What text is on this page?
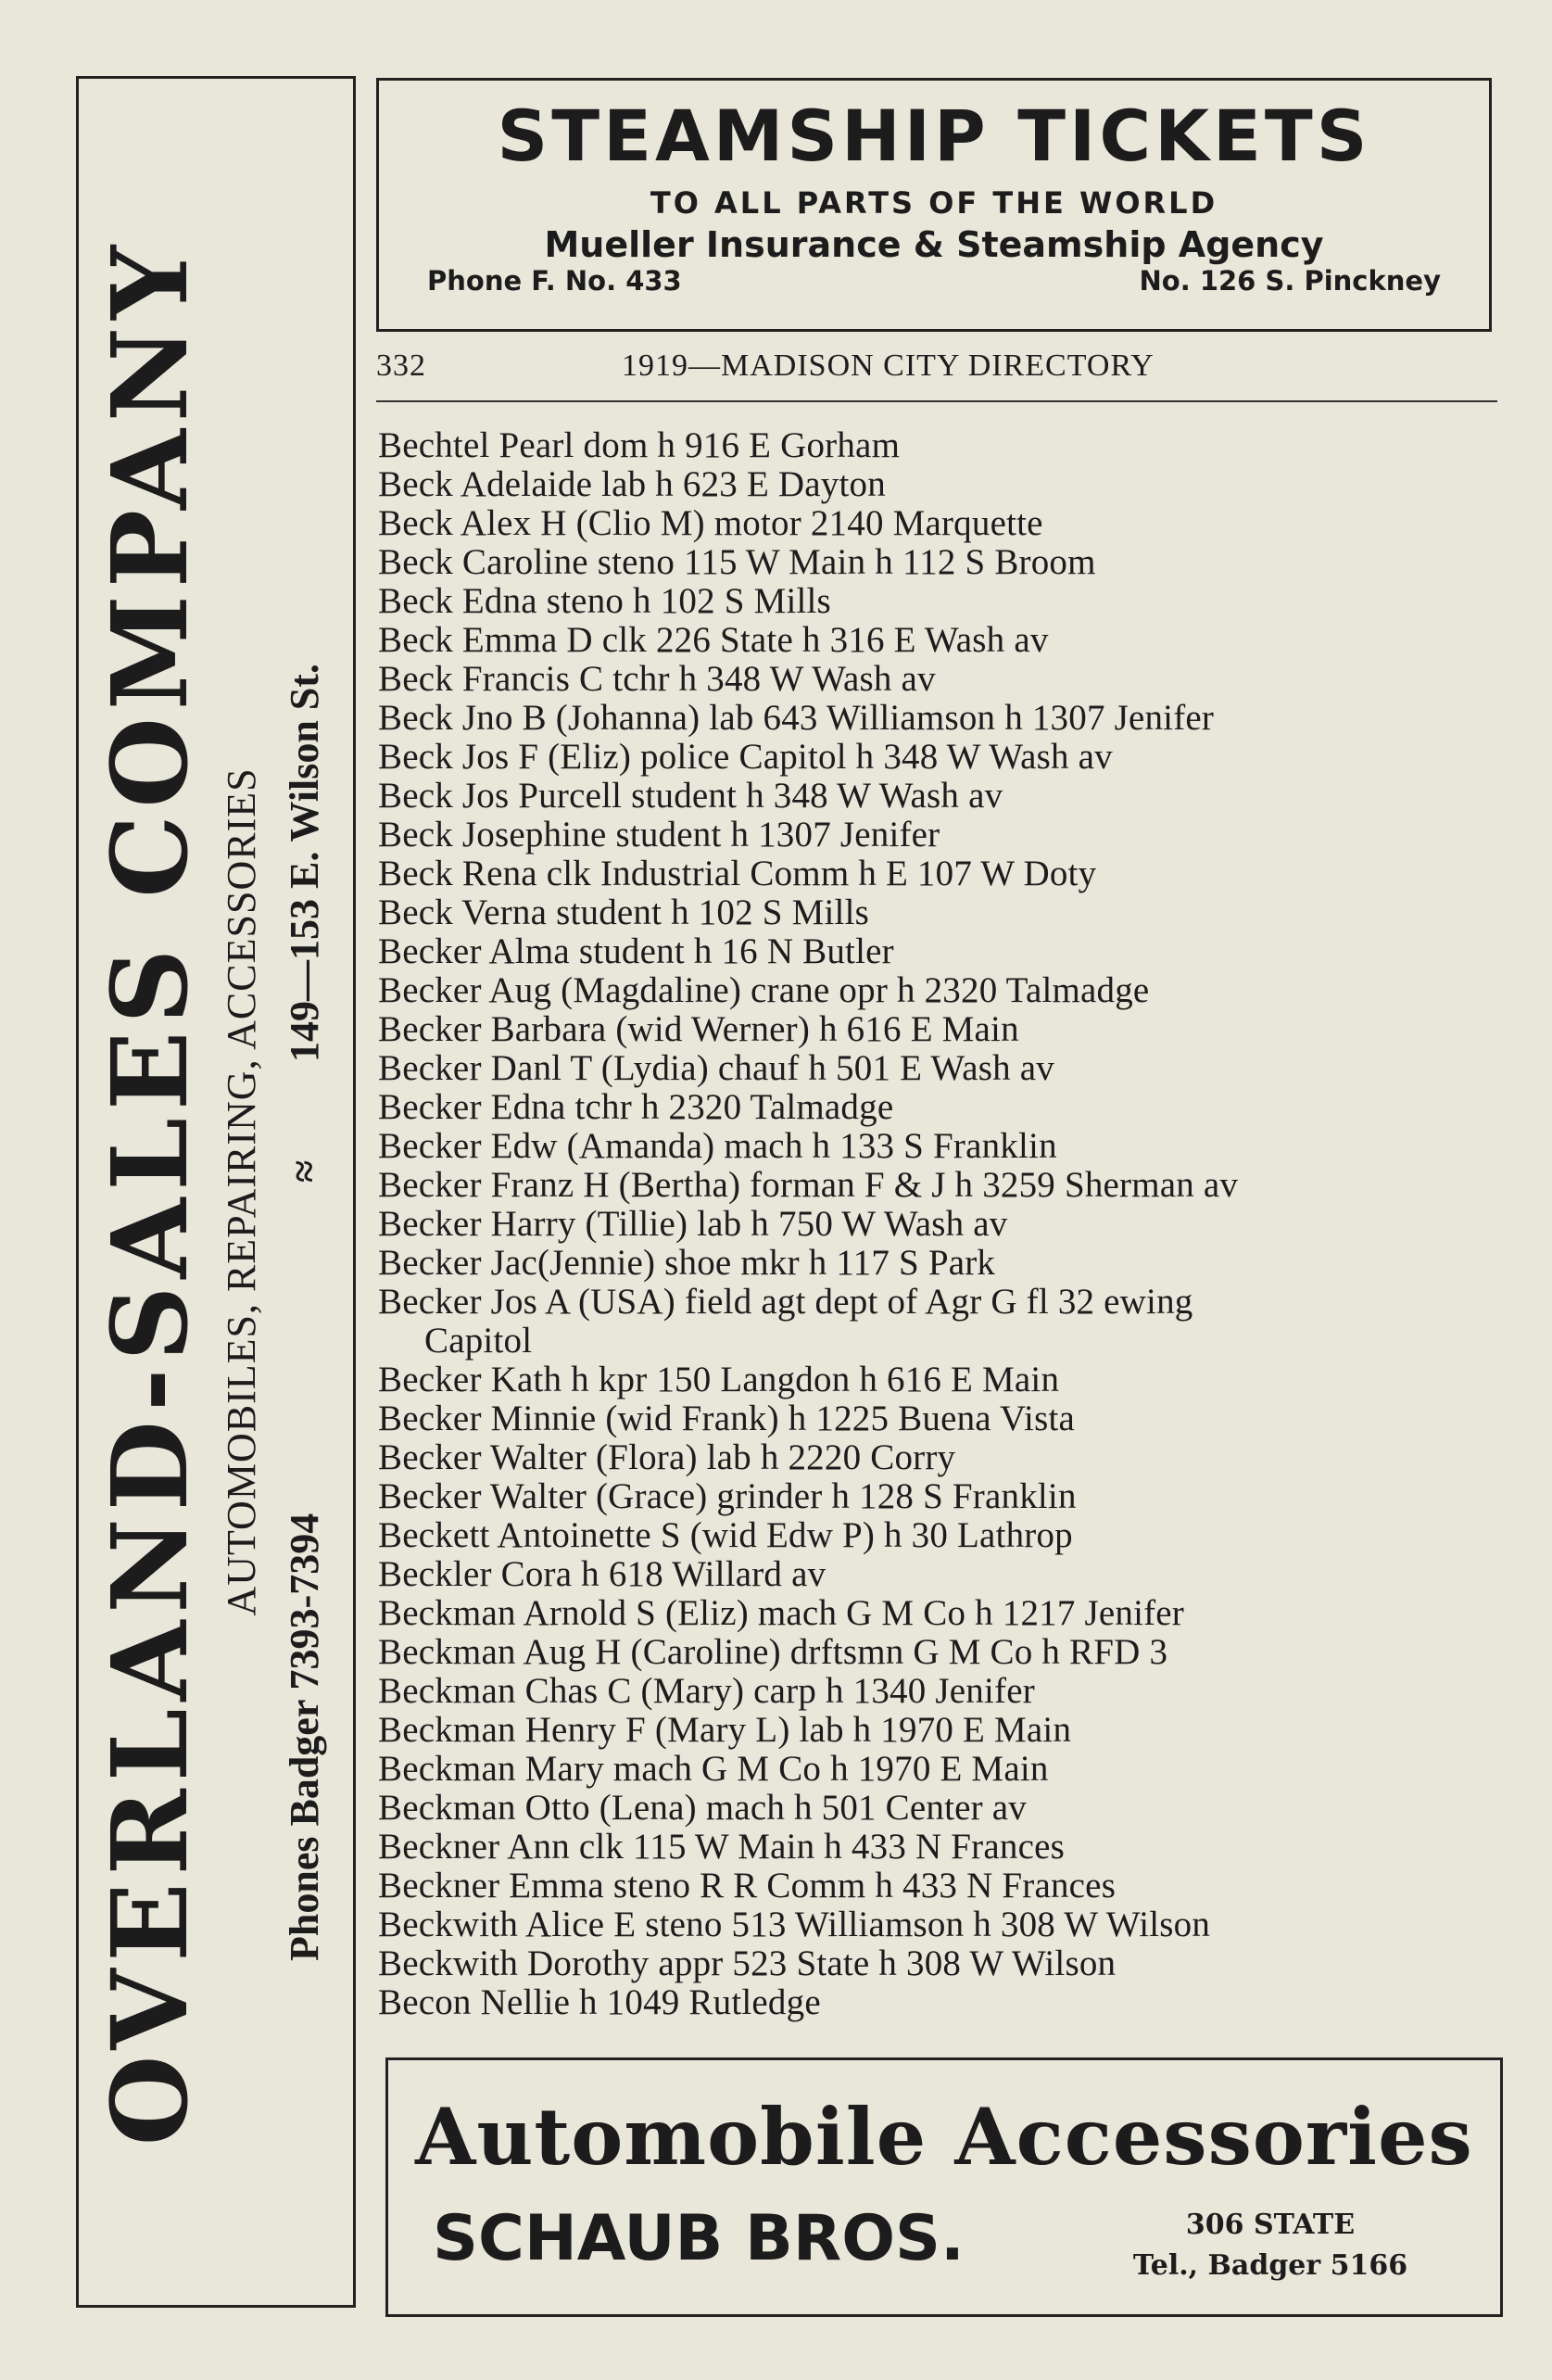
OVERLAND-SALES COMPANY AUTOMOBILES, REPAIRING, ACCESSORIES
Phones Badger 7393-7394
≈
149—153 E. Wilson St.
STEAMSHIP TICKETS
TO ALL PARTS OF THE WORLD
Mueller Insurance & Steamship Agency
Phone F. No. 433	No. 126 S. Pinckney
332	1919—MADISON CITY DIRECTORY
Bechtel Pearl dom h 916 E Gorham
Beck Adelaide lab h 623 E Dayton
Beck Alex H (Clio M) motor 2140 Marquette
Beck Caroline steno 115 W Main h 112 S Broom
Beck Edna steno h 102 S Mills
Beck Emma D clk 226 State h 316 E Wash av
Beck Francis C tchr h 348 W Wash av
Beck Jno B (Johanna) lab 643 Williamson h 1307 Jenifer
Beck Jos F (Eliz) police Capitol h 348 W Wash av
Beck Jos Purcell student h 348 W Wash av
Beck Josephine student h 1307 Jenifer
Beck Rena clk Industrial Comm h E 107 W Doty
Beck Verna student h 102 S Mills
Becker Alma student h 16 N Butler
Becker Aug (Magdaline) crane opr h 2320 Talmadge
Becker Barbara (wid Werner) h 616 E Main
Becker Danl T (Lydia) chauf h 501 E Wash av
Becker Edna tchr h 2320 Talmadge
Becker Edw (Amanda) mach h 133 S Franklin
Becker Franz H (Bertha) forman F & J h 3259 Sherman av
Becker Harry (Tillie) lab h 750 W Wash av
Becker Jac(Jennie) shoe mkr h 117 S Park
Becker Jos A (USA) field agt dept of Agr G fl 32 ewing
Capitol
Becker Kath h kpr 150 Langdon h 616 E Main
Becker Minnie (wid Frank) h 1225 Buena Vista
Becker Walter (Flora) lab h 2220 Corry
Becker Walter (Grace) grinder h 128 S Franklin
Beckett Antoinette S (wid Edw P) h 30 Lathrop
Beckler Cora h 618 Willard av
Beckman Arnold S (Eliz) mach G M Co h 1217 Jenifer
Beckman Aug H (Caroline) drftsmn G M Co h RFD 3
Beckman Chas C (Mary) carp h 1340 Jenifer
Beckman Henry F (Mary L) lab h 1970 E Main
Beckman Mary mach G M Co h 1970 E Main
Beckman Otto (Lena) mach h 501 Center av
Beckner Ann clk 115 W Main h 433 N Frances
Beckner Emma steno R R Comm h 433 N Frances
Beckwith Alice E steno 513 Williamson h 308 W Wilson
Beckwith Dorothy appr 523 State h 308 W Wilson
Becon Nellie h 1049 Rutledge
Automobile Accessories
SCHAUB BROS.	306 STATE
Tel., Badger 5166
